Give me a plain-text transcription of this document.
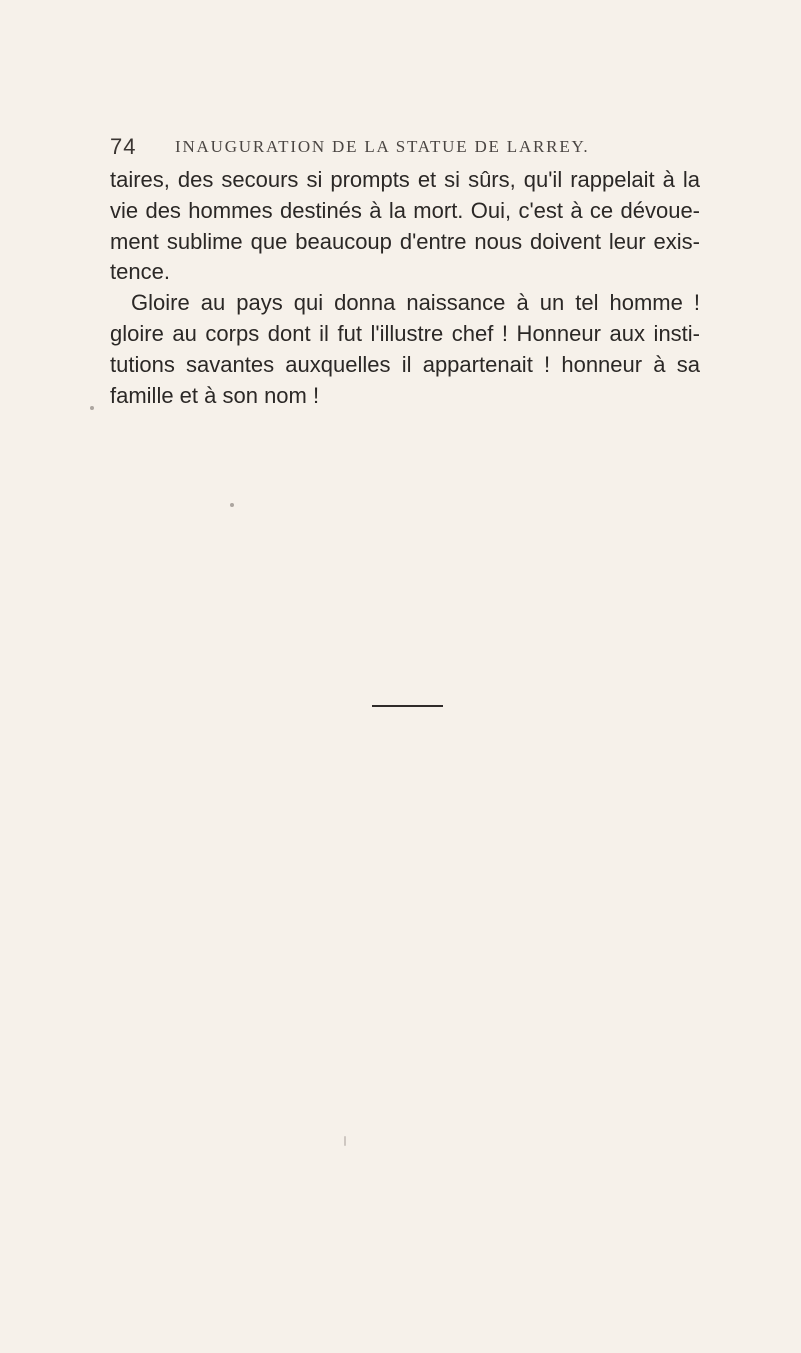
74 INAUGURATION DE LA STATUE DE LARREY.

taires, des secours si prompts et si sûrs, qu'il rappelait à la vie des hommes destinés à la mort. Oui, c'est à ce dévoue-ment sublime que beaucoup d'entre nous doivent leur exis-tence.

Gloire au pays qui donna naissance à un tel homme ! gloire au corps dont il fut l'illustre chef ! Honneur aux insti-tutions savantes auxquelles il appartenait ! honneur à sa famille et à son nom !
